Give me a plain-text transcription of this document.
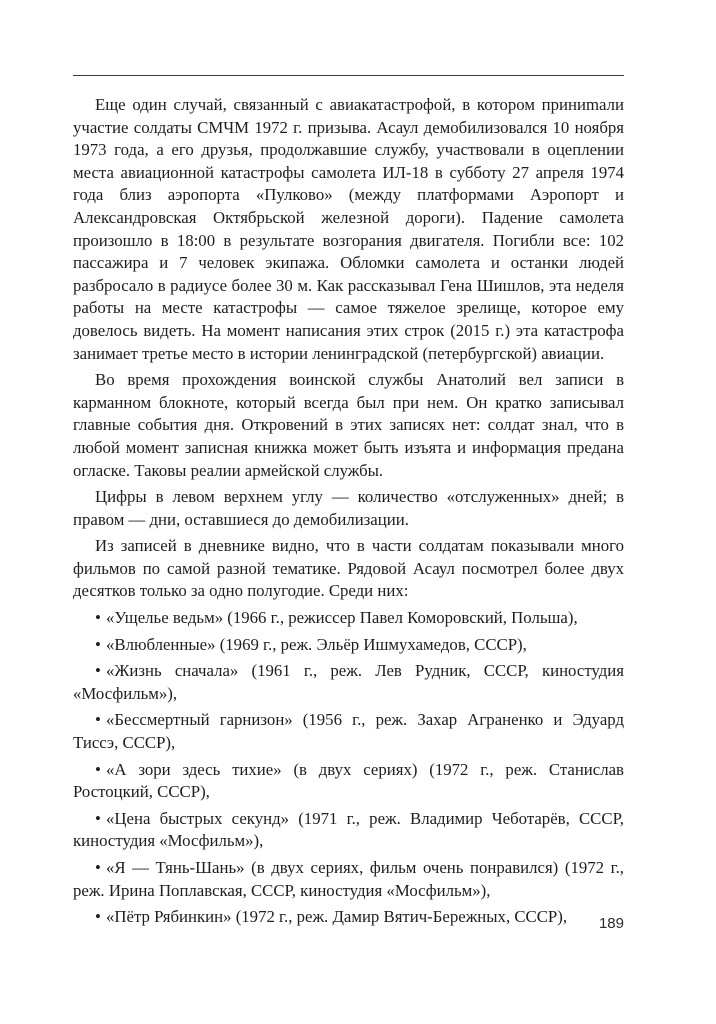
Еще один случай, связанный с авиакатастрофой, в котором приниmали участие солдаты СМЧМ 1972 г. призыва. Асаул демобилизовался 10 ноября 1973 года, а его друзья, продолжавшие службу, участвовали в оцеплении места авиационной катастрофы самолета ИЛ-18 в субботу 27 апреля 1974 года близ аэропорта «Пулково» (между платформами Аэропорт и Александровская Октябрьской железной дороги). Падение самолета произошло в 18:00 в результате возгорания двигателя. Погибли все: 102 пассажира и 7 человек экипажа. Обломки самолета и останки людей разбросало в радиусе более 30 м. Как рассказывал Гена Шишлов, эта неделя работы на месте катастрофы — самое тяжелое зрелище, которое ему довелось видеть. На момент написания этих строк (2015 г.) эта катастрофа занимает третье место в истории ленинградской (петербургской) авиации.

Во время прохождения воинской службы Анатолий вел записи в карманном блокноте, который всегда был при нем. Он кратко записывал главные события дня. Откровений в этих записях нет: солдат знал, что в любой момент записная книжка может быть изъята и информация предана огласке. Таковы реалии армейской службы.

Цифры в левом верхнем углу — количество «отслуженных» дней; в правом — дни, оставшиеся до демобилизации.

Из записей в дневнике видно, что в части солдатам показывали много фильмов по самой разной тематике. Рядовой Асаул посмотрел более двух десятков только за одно полугодие. Среди них:

• «Ущелье ведьм» (1966 г., режиссер Павел Коморовский, Польша),
• «Влюбленные» (1969 г., реж. Эльёр Ишмухамедов, СССР),
• «Жизнь сначала» (1961 г., реж. Лев Рудник, СССР, киностудия «Мосфильм»),
• «Бессмертный гарнизон» (1956 г., реж. Захар Аграненко и Эдуард Тиссэ, СССР),
• «А зори здесь тихие» (в двух сериях) (1972 г., реж. Станислав Ростоцкий, СССР),
• «Цена быстрых секунд» (1971 г., реж. Владимир Чеботарёв, СССР, киностудия «Мосфильм»),
• «Я — Тянь-Шань» (в двух сериях, фильм очень понравился) (1972 г., реж. Ирина Поплавская, СССР, киностудия «Мосфильм»),
• «Пётр Рябинкин» (1972 г., реж. Дамир Вятич-Бережных, СССР),	189
